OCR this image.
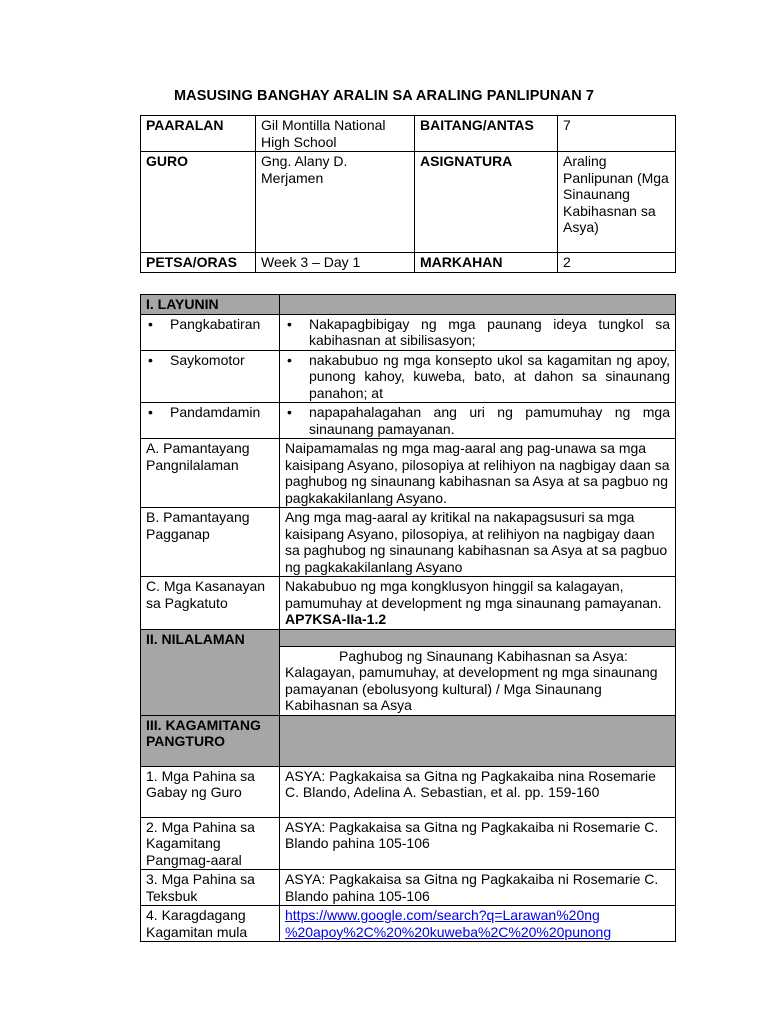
MASUSING BANGHAY ARALIN SA ARALING PANLIPUNAN 7
PAARALAN	Gil Montilla National High School	BAITANG/ANTAS	7
GURO	Gng. Alany D. Merjamen	ASIGNATURA	Araling Panlipunan (Mga Sinaunang Kabihasnan sa Asya)
PETSA/ORAS	Week 3 – Day 1	MARKAHAN	2
I. LAYUNIN	

• Pangkabatiran	• Nakapagbibigay ng mga paunang ideya tungkol sa kabihasnan at sibilisasyon;

• Saykomotor	• nakabubuo ng mga konsepto ukol sa kagamitan ng apoy, punong kahoy, kuweba, bato, at dahon sa sinaunang panahon; at

• Pandamdamin	• napapahalagahan ang uri ng pamumuhay ng mga sinaunang pamayanan.

A. Pamantayang Pangnilalaman	Naipamamalas ng mga mag-aaral ang pag-unawa sa mga kaisipang Asyano, pilosopiya at relihiyon na nagbigay daan sa paghubog ng sinaunang kabihasnan sa Asya at sa pagbuo ng pagkakakilanlang Asyano.
B. Pamantayang Pagganap	Ang mga mag-aaral ay kritikal na nakapagsusuri sa mga kaisipang Asyano, pilosopiya, at relihiyon na nagbigay daan sa paghubog ng sinaunang kabihasnan sa Asya at sa pagbuo ng pagkakakilanlang Asyano
C. Mga Kasanayan sa Pagkatuto	Nakabubuo ng mga kongklusyon hinggil sa kalagayan, pamumuhay at development ng mga sinaunang pamayanan. AP7KSA-IIa-1.2
II. NILALAMAN	
	Paghubog ng Sinaunang Kabihasnan sa Asya: Kalagayan, pamumuhay, at development ng mga sinaunang pamayanan (ebolusyong kultural) / Mga Sinaunang Kabihasnan sa Asya
III. KAGAMITANG PANGTURO	
1. Mga Pahina sa Gabay ng Guro	ASYA: Pagkakaisa sa Gitna ng Pagkakaiba nina Rosemarie C. Blando, Adelina A. Sebastian, et al. pp. 159-160
2. Mga Pahina sa Kagamitang Pangmag-aaral	ASYA: Pagkakaisa sa Gitna ng Pagkakaiba ni Rosemarie C. Blando pahina 105-106
3. Mga Pahina sa Teksbuk	ASYA: Pagkakaisa sa Gitna ng Pagkakaiba ni Rosemarie C. Blando pahina 105-106
4. Karagdagang Kagamitan mula	https://www.google.com/search?q=Larawan%20ng
%20apoy%2C%20%20kuweba%2C%20%20punong
